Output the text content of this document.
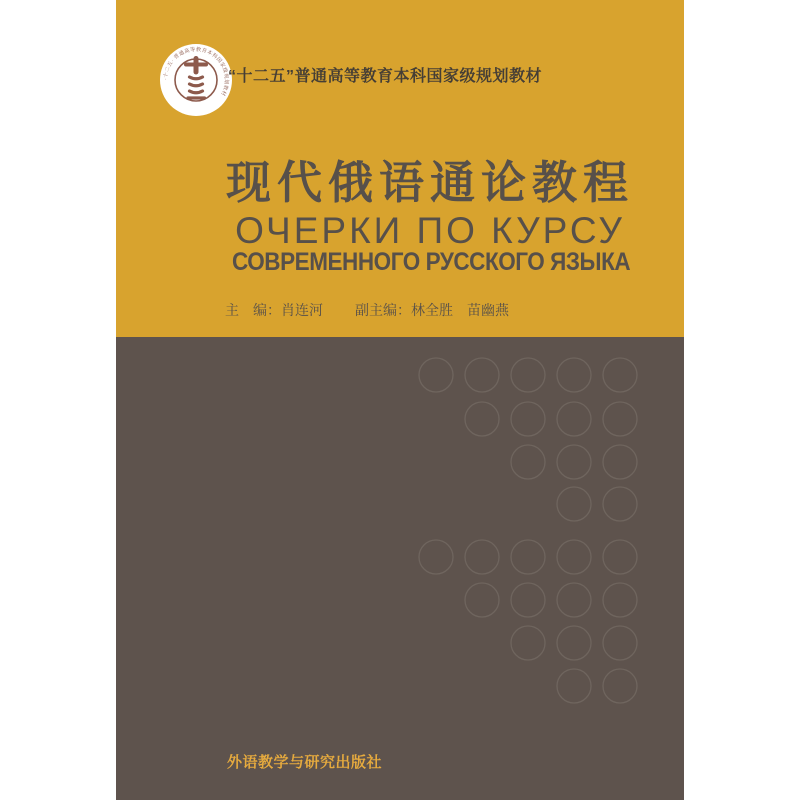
·十二五· 普通高等教育本科国家级规划教材
“十二五”普通高等教育本科国家级规划教材
现代俄语通论教程
ОЧЕРКИ ПО КУРСУ
СОВРЕМЕННОГО РУССКОГО ЯЗЫКА
主　编：肖连河 副主编：林全胜　苗幽燕
外语教学与研究出版社
